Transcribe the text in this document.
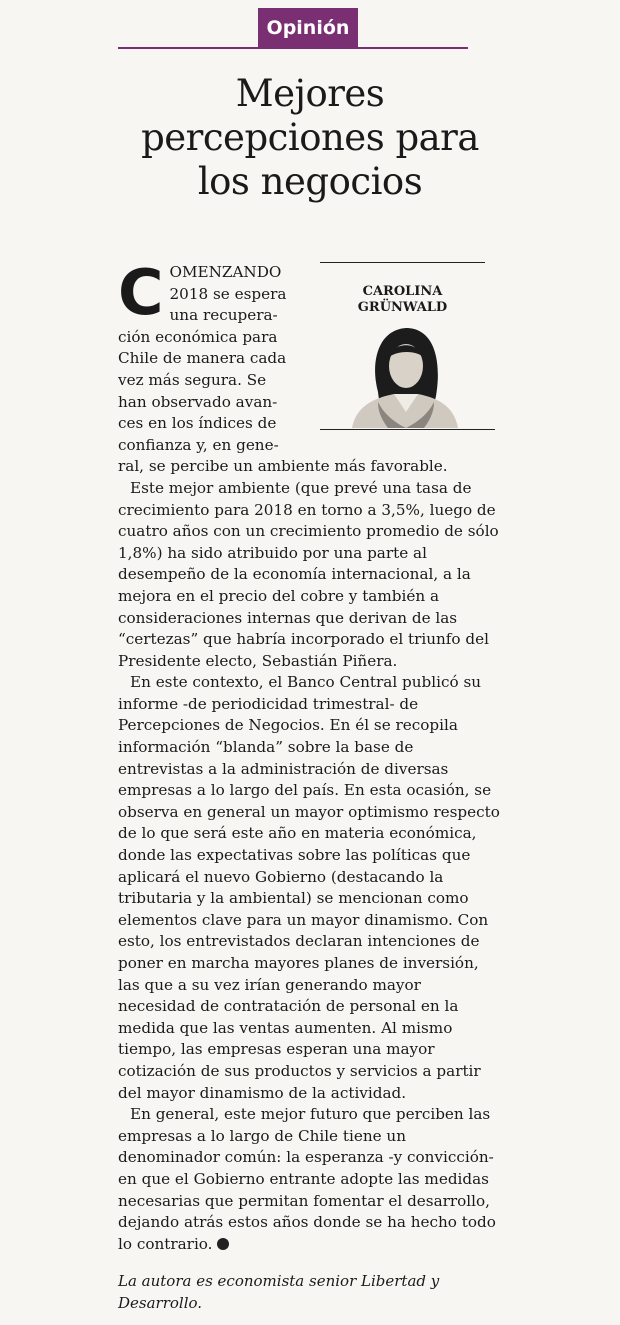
Opinión
Mejores
percepciones para
los negocios
CAROLINA
GRÜNWALD
C OMENZANDO
2018 se espera
una recupera-
ción económica para
Chile de manera cada
vez más segura. Se
han observado avan-
ces en los índices de
confianza y, en gene-
ral, se percibe un ambiente más favorable.

Este mejor ambiente (que prevé una tasa de crecimiento para 2018 en torno a 3,5%, luego de cuatro años con un crecimiento promedio de sólo 1,8%) ha sido atribuido por una parte al desempeño de la economía internacional, a la mejora en el precio del cobre y también a consideraciones internas que derivan de las “certezas” que habría incorporado el triunfo del Presidente electo, Sebastián Piñera.

En este contexto, el Banco Central publicó su informe -de periodicidad trimestral- de Percepciones de Negocios. En él se recopila información “blanda” sobre la base de entrevistas a la administración de diversas empresas a lo largo del país. En esta ocasión, se observa en general un mayor optimismo respecto de lo que será este año en materia económica, donde las expectativas sobre las políticas que aplicará el nuevo Gobierno (destacando la tributaria y la ambiental) se mencionan como elementos clave para un mayor dinamismo. Con esto, los entrevistados declaran intenciones de poner en marcha mayores planes de inversión, las que a su vez irían generando mayor necesidad de contratación de personal en la medida que las ventas aumenten. Al mismo tiempo, las empresas esperan una mayor cotización de sus productos y servicios a partir del mayor dinamismo de la actividad.

En general, este mejor futuro que perciben las empresas a lo largo de Chile tiene un denominador común: la esperanza -y convicción- en que el Gobierno entrante adopte las medidas necesarias que permitan fomentar el desarrollo, dejando atrás estos años donde se ha hecho todo lo contrario.

La autora es economista senior Libertad y Desarrollo.
